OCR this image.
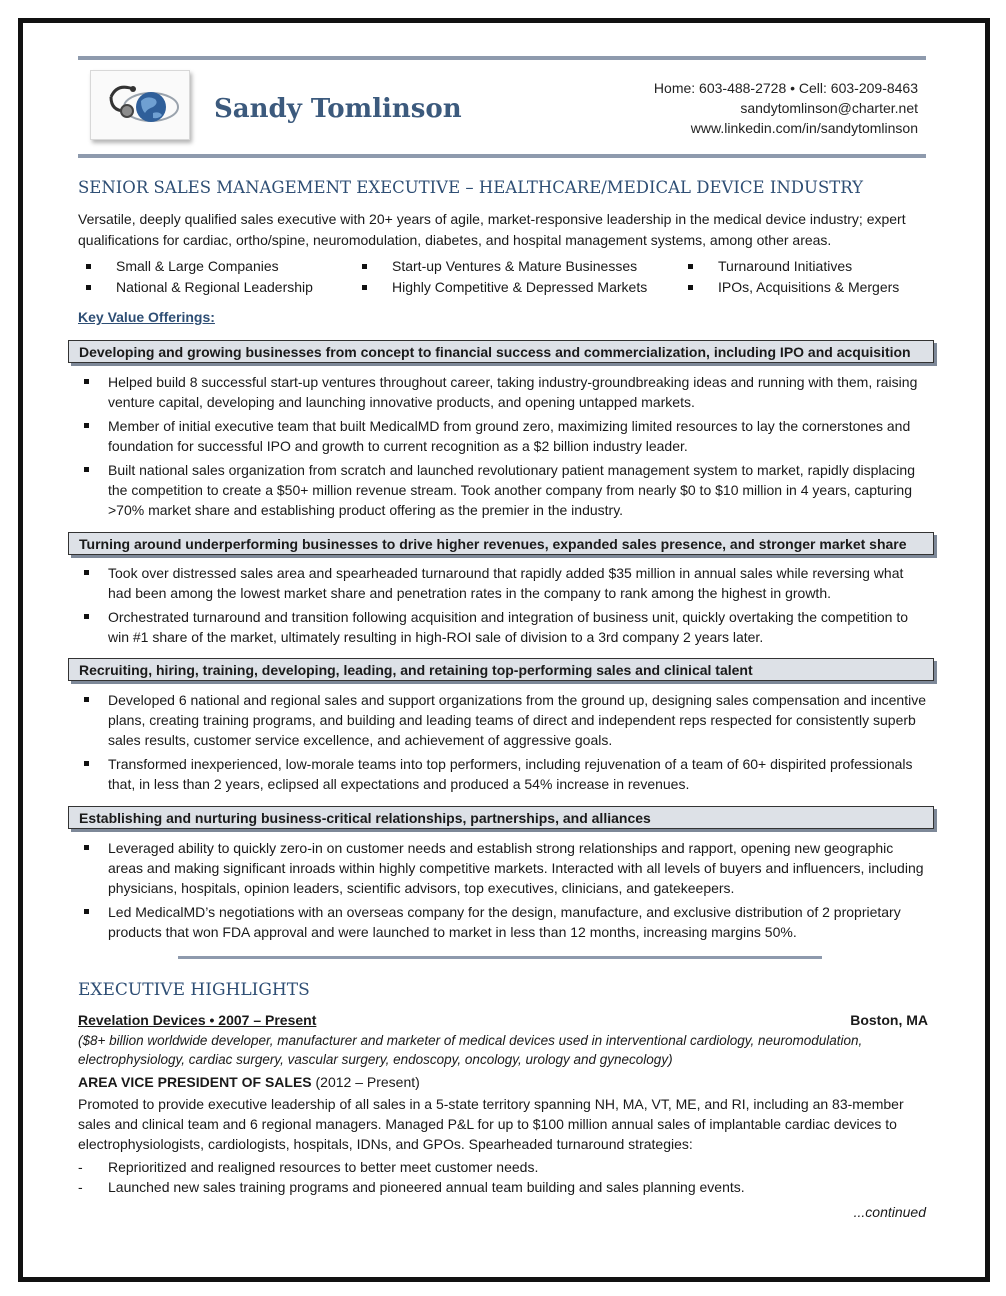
Sandy Tomlinson
Home: 603-488-2728 • Cell: 603-209-8463
sandytomlinson@charter.net
www.linkedin.com/in/sandytomlinson
SENIOR SALES MANAGEMENT EXECUTIVE – HEALTHCARE/MEDICAL DEVICE INDUSTRY

Versatile, deeply qualified sales executive with 20+ years of agile, market-responsive leadership in the medical device industry; expert qualifications for cardiac, ortho/spine, neuromodulation, diabetes, and hospital management systems, among other areas.

Small & Large Companies	Start-up Ventures & Mature Businesses	Turnaround Initiatives
National & Regional Leadership	Highly Competitive & Depressed Markets	IPOs, Acquisitions & Mergers

Key Value Offerings:

Developing and growing businesses from concept to financial success and commercialization, including IPO and acquisition
Helped build 8 successful start-up ventures throughout career, taking industry-groundbreaking ideas and running with them, raising venture capital, developing and launching innovative products, and opening untapped markets.
Member of initial executive team that built MedicalMD from ground zero, maximizing limited resources to lay the cornerstones and foundation for successful IPO and growth to current recognition as a $2 billion industry leader.
Built national sales organization from scratch and launched revolutionary patient management system to market, rapidly displacing the competition to create a $50+ million revenue stream. Took another company from nearly $0 to $10 million in 4 years, capturing >70% market share and establishing product offering as the premier in the industry.
Turning around underperforming businesses to drive higher revenues, expanded sales presence, and stronger market share
Took over distressed sales area and spearheaded turnaround that rapidly added $35 million in annual sales while reversing what had been among the lowest market share and penetration rates in the company to rank among the highest in growth.
Orchestrated turnaround and transition following acquisition and integration of business unit, quickly overtaking the competition to win #1 share of the market, ultimately resulting in high-ROI sale of division to a 3rd company 2 years later.
Recruiting, hiring, training, developing, leading, and retaining top-performing sales and clinical talent
Developed 6 national and regional sales and support organizations from the ground up, designing sales compensation and incentive plans, creating training programs, and building and leading teams of direct and independent reps respected for consistently superb sales results, customer service excellence, and achievement of aggressive goals.
Transformed inexperienced, low-morale teams into top performers, including rejuvenation of a team of 60+ dispirited professionals that, in less than 2 years, eclipsed all expectations and produced a 54% increase in revenues.
Establishing and nurturing business-critical relationships, partnerships, and alliances
Leveraged ability to quickly zero-in on customer needs and establish strong relationships and rapport, opening new geographic areas and making significant inroads within highly competitive markets. Interacted with all levels of buyers and influencers, including physicians, hospitals, opinion leaders, scientific advisors, top executives, clinicians, and gatekeepers.
Led MedicalMD’s negotiations with an overseas company for the design, manufacture, and exclusive distribution of 2 proprietary products that won FDA approval and were launched to market in less than 12 months, increasing margins 50%.
EXECUTIVE HIGHLIGHTS
Revelation Devices • 2007 – Present	Boston, MA

($8+ billion worldwide developer, manufacturer and marketer of medical devices used in interventional cardiology, neuromodulation, electrophysiology, cardiac surgery, vascular surgery, endoscopy, oncology, urology and gynecology)

AREA VICE PRESIDENT OF SALES (2012 – Present)

Promoted to provide executive leadership of all sales in a 5-state territory spanning NH, MA, VT, ME, and RI, including an 83-member sales and clinical team and 6 regional managers. Managed P&L for up to $100 million annual sales of implantable cardiac devices to electrophysiologists, cardiologists, hospitals, IDNs, and GPOs. Spearheaded turnaround strategies:

- Reprioritized and realigned resources to better meet customer needs.
- Launched new sales training programs and pioneered annual team building and sales planning events.
...continued
